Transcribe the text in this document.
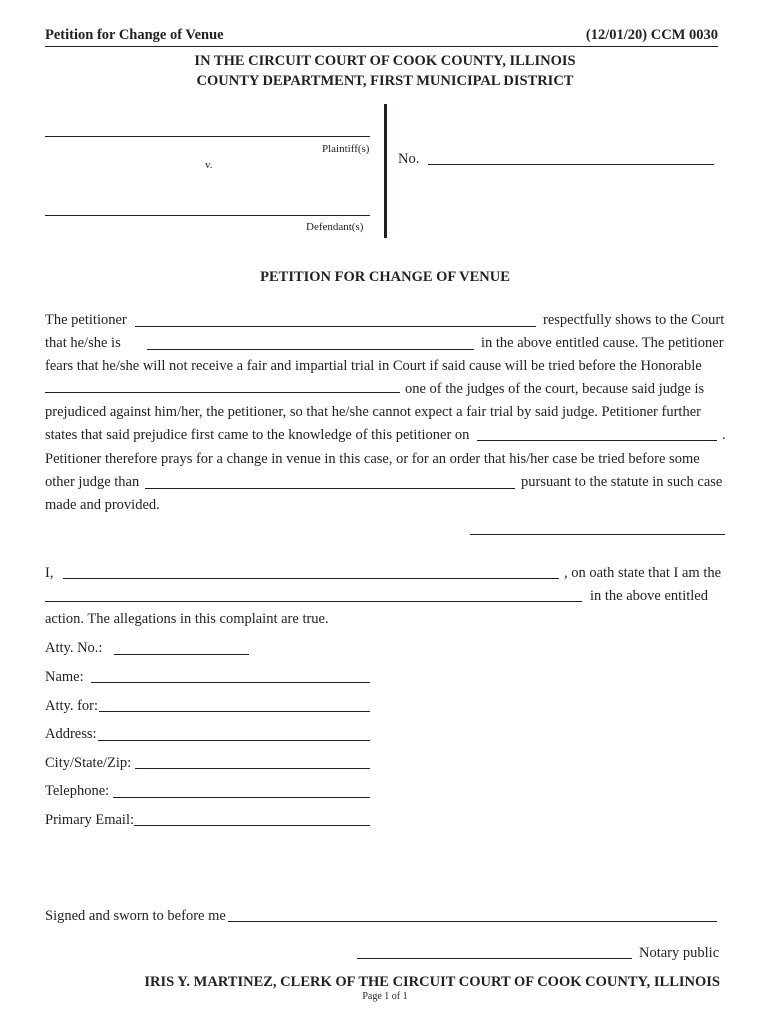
Petition for Change of Venue	(12/01/20) CCM 0030
IN THE CIRCUIT COURT OF COOK COUNTY, ILLINOIS
COUNTY DEPARTMENT, FIRST MUNICIPAL DISTRICT
Plaintiff(s)
v.
Defendant(s)
No.
PETITION FOR CHANGE OF VENUE
The petitioner	respectfully shows to the Court
that he/she is	in the above entitled cause. The petitioner
fears that he/she will not receive a fair and impartial trial in Court if said cause will be tried before the Honorable
one of the judges of the court, because said judge is
prejudiced against him/her, the petitioner, so that he/she cannot expect a fair trial by said judge. Petitioner further
states that said prejudice first came to the knowledge of this petitioner on	.
Petitioner therefore prays for a change in venue in this case, or for an order that his/her case be tried before some
other judge than	pursuant to the statute in such case
made and provided.
I,	, on oath state that I am the
in the above entitled
action. The allegations in this complaint are true.
Atty. No.:
Name:
Atty. for:
Address:
City/State/Zip:
Telephone:
Primary Email:
Signed and sworn to before me
Notary public
IRIS Y. MARTINEZ, CLERK OF THE CIRCUIT COURT OF COOK COUNTY, ILLINOIS
Page 1 of 1
